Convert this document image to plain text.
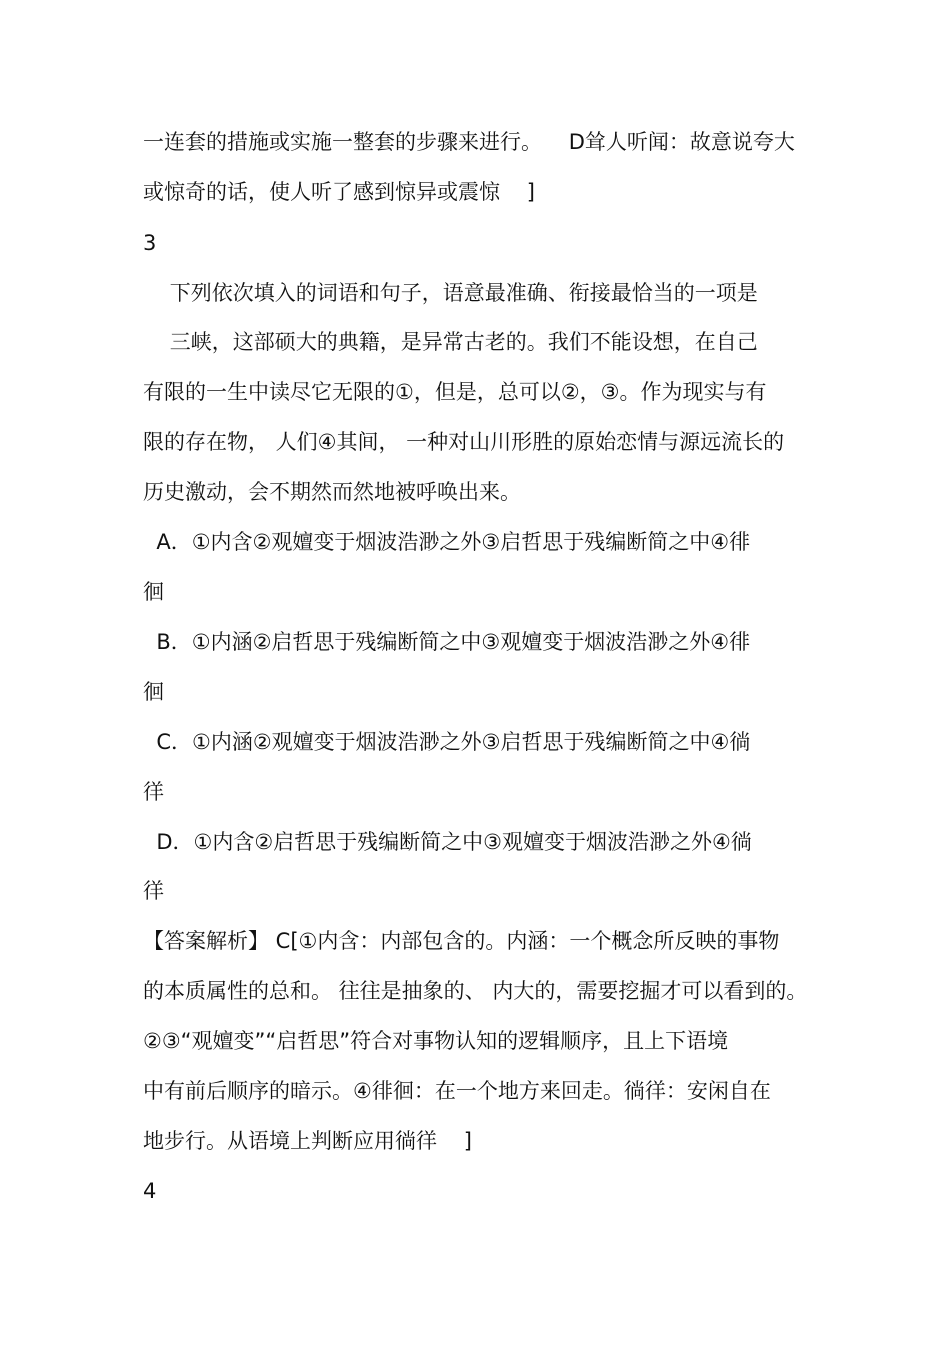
一连套的措施或实施一整套的步骤来进行。    D耸人听闻：故意说夸大
或惊奇的话，使人听了感到惊异或震惊    ]
3
下列依次填入的词语和句子，语意最准确、衔接最恰当的一项是
三峡，这部硕大的典籍，是异常古老的。我们不能设想，在自己
有限的一生中读尽它无限的①，但是，总可以②，③。作为现实与有
限的存在物， 人们④其间， 一种对山川形胜的原始恋情与源远流长的
历史激动，会不期然而然地被呼唤出来。
A．①内含②观嬗变于烟波浩渺之外③启哲思于残编断简之中④徘
徊
B．①内涵②启哲思于残编断简之中③观嬗变于烟波浩渺之外④徘
徊
C．①内涵②观嬗变于烟波浩渺之外③启哲思于残编断简之中④徜
徉
D．①内含②启哲思于残编断简之中③观嬗变于烟波浩渺之外④徜
徉
【答案解析】 C[①内含：内部包含的。内涵：一个概念所反映的事物
的本质属性的总和。 往往是抽象的、 内大的，需要挖掘才可以看到的。
②③“观嬗变”“启哲思”符合对事物认知的逻辑顺序，且上下语境
中有前后顺序的暗示。④徘徊：在一个地方来回走。徜徉：安闲自在
地步行。从语境上判断应用徜徉    ]
4
